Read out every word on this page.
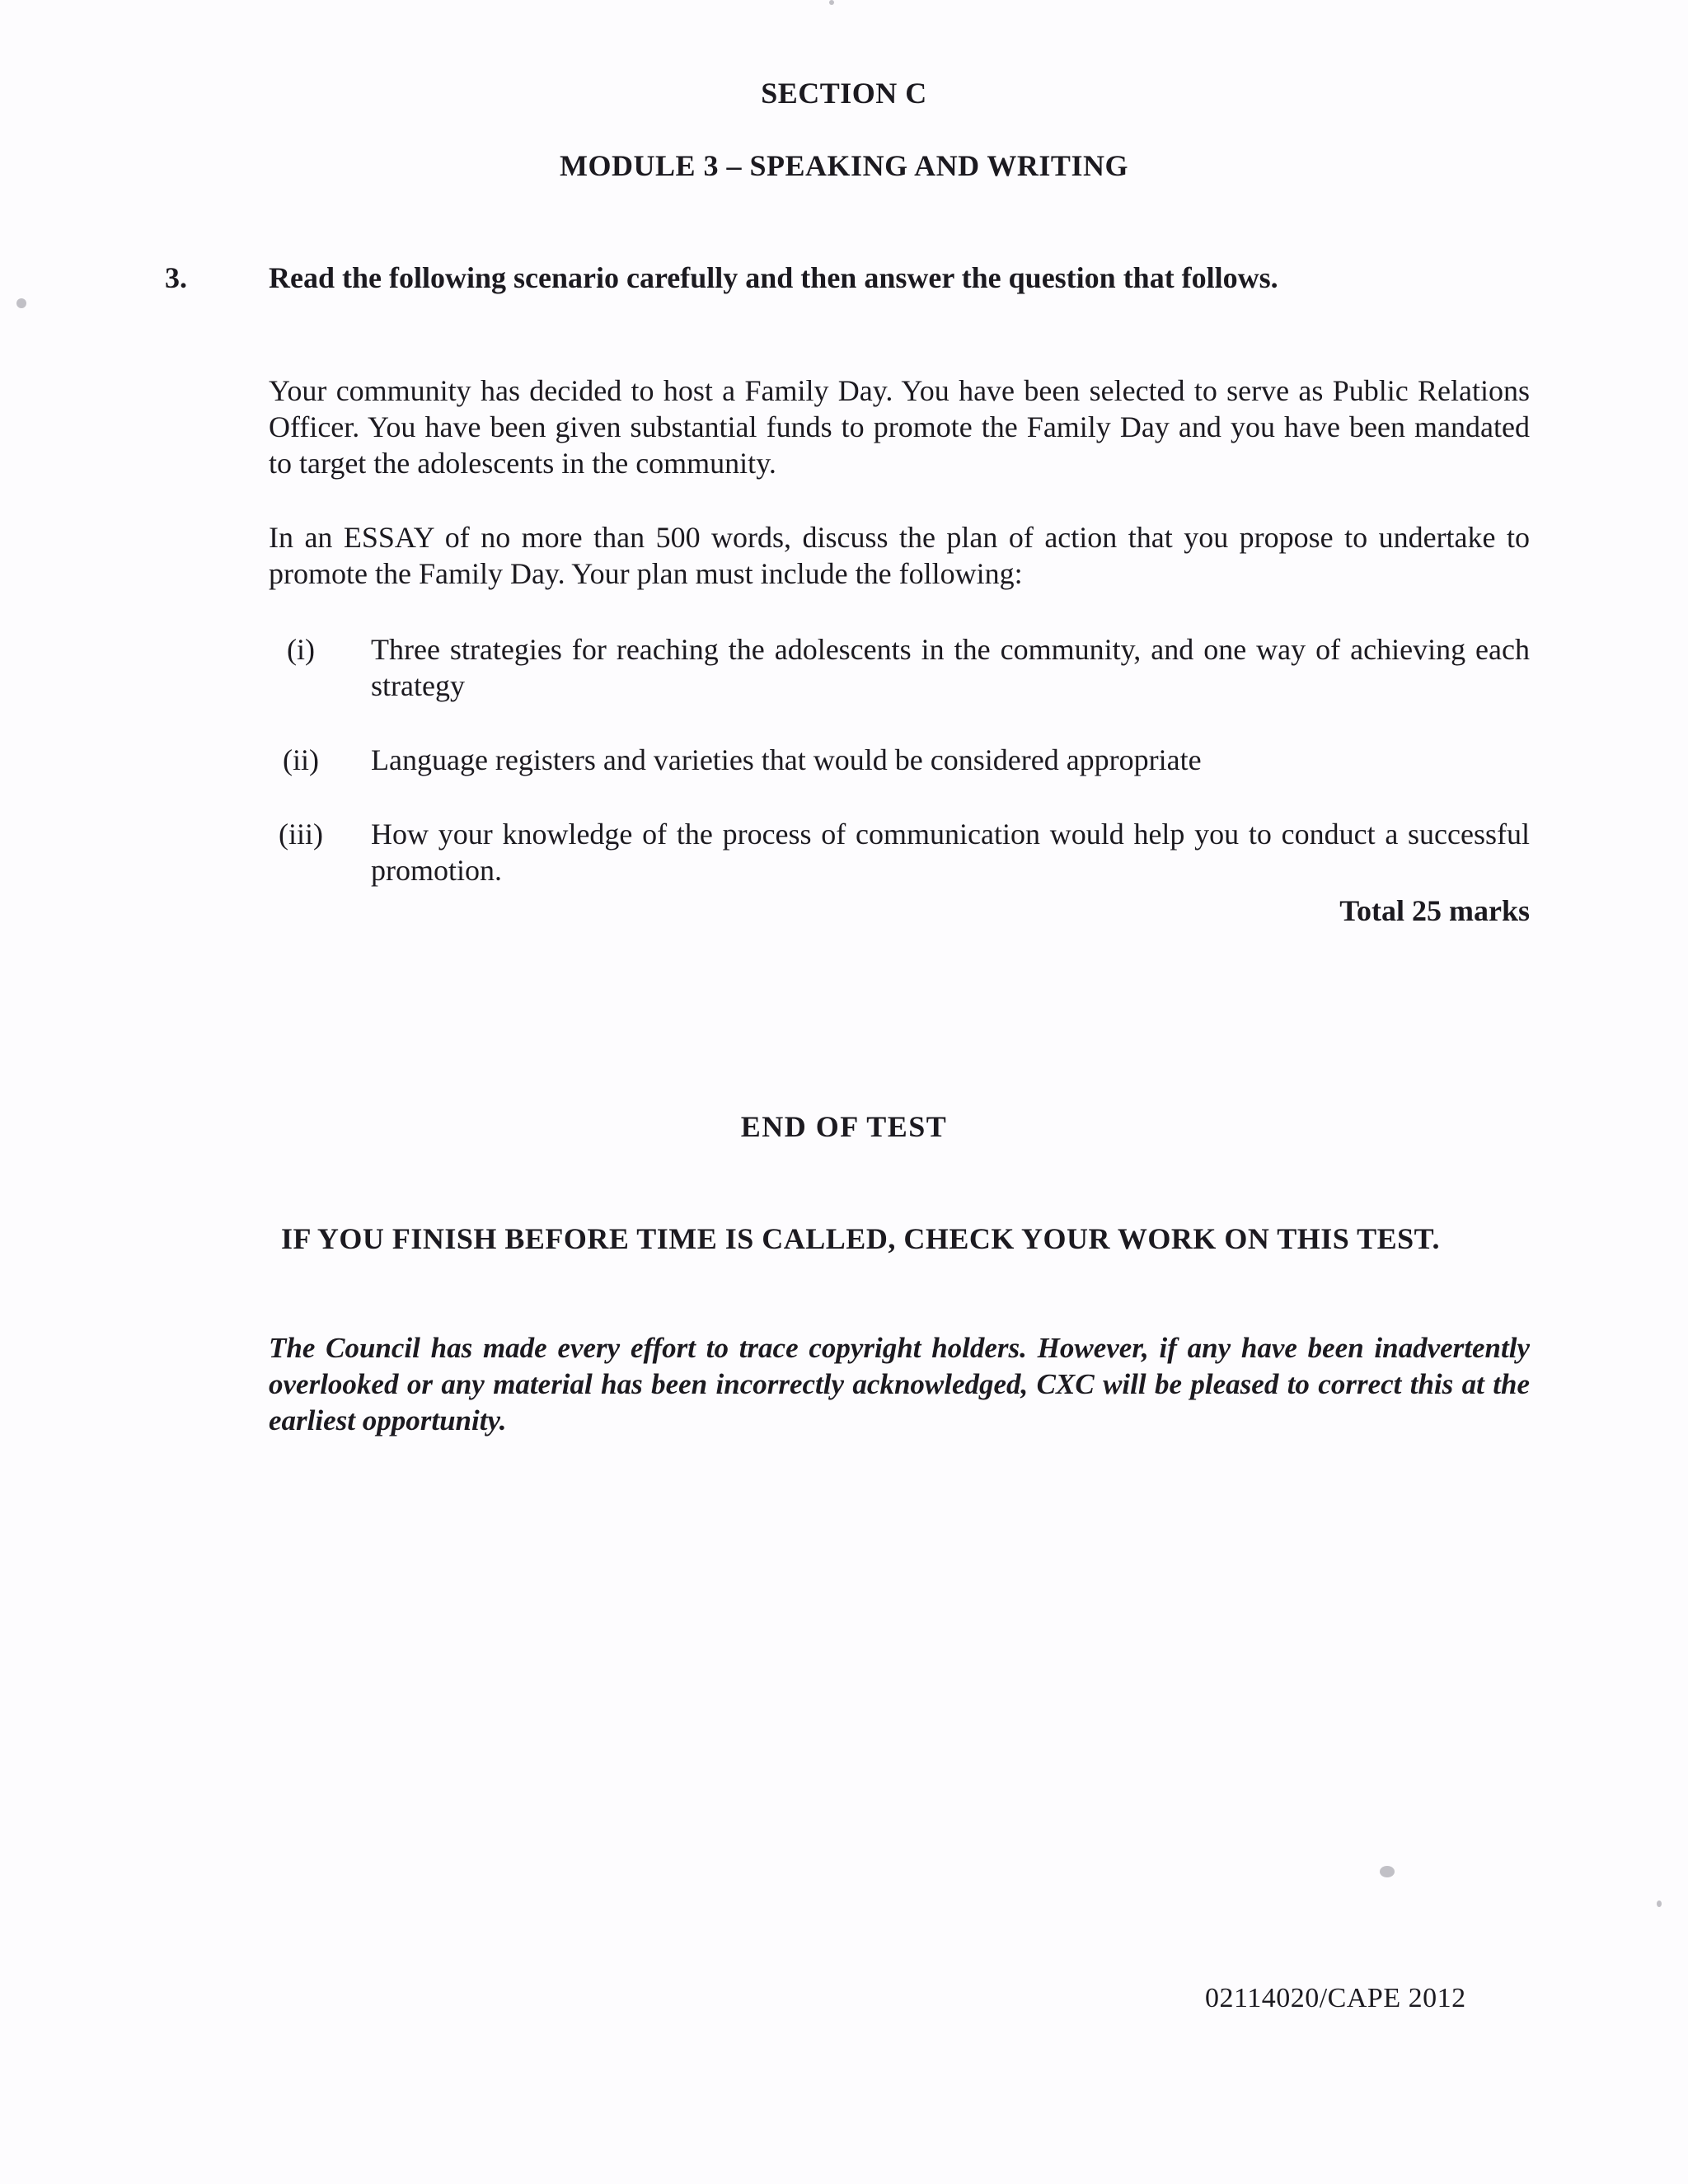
SECTION C
MODULE 3 – SPEAKING AND WRITING
3.	Read the following scenario carefully and then answer the question that follows.
Your community has decided to host a Family Day. You have been selected to serve as Public Relations Officer. You have been given substantial funds to promote the Family Day and you have been mandated to target the adolescents in the community.
In an ESSAY of no more than 500 words, discuss the plan of action that you propose to undertake to promote the Family Day. Your plan must include the following:
(i)	Three strategies for reaching the adolescents in the community, and one way of achieving each strategy
(ii)	Language registers and varieties that would be considered appropriate
(iii)	How your knowledge of the process of communication would help you to conduct a successful promotion.
Total 25 marks
END OF TEST
IF YOU FINISH BEFORE TIME IS CALLED, CHECK YOUR WORK ON THIS TEST.
The Council has made every effort to trace copyright holders. However, if any have been inadvertently overlooked or any material has been incorrectly acknowledged, CXC will be pleased to correct this at the earliest opportunity.
02114020/CAPE 2012
